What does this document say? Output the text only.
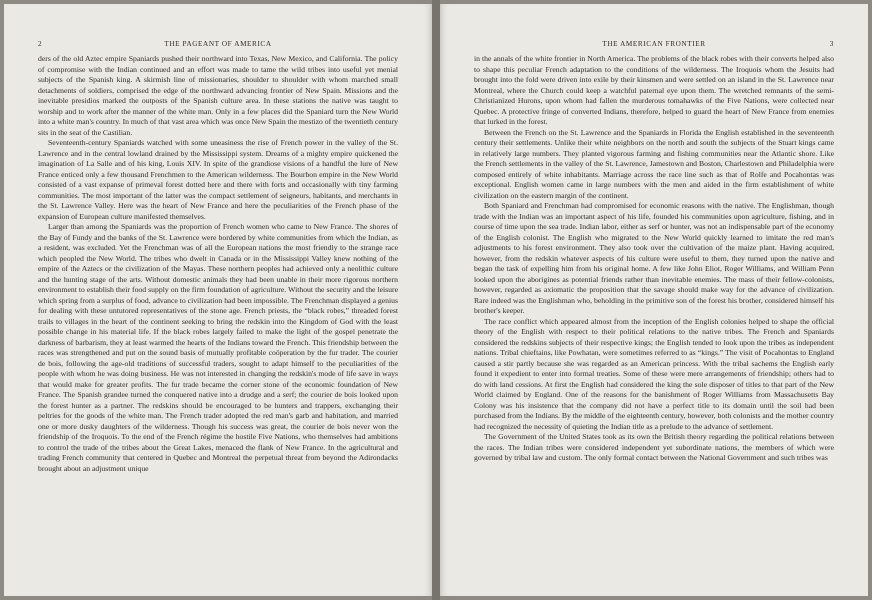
2	THE PAGEANT OF AMERICA

ders of the old Aztec empire Spaniards pushed their northward into Texas, New Mexico, and California. The policy of compromise with the Indian continued and an effort was made to tame the wild tribes into useful yet menial subjects of the Spanish king. A skirmish line of missionaries, shoulder to shoulder with whom marched small detachments of soldiers, comprised the edge of the northward advancing frontier of New Spain. Missions and the inevitable presidios marked the outposts of the Spanish culture area. In these stations the native was taught to worship and to work after the manner of the white man. Only in a few places did the Spaniard turn the New World into a white man's country. In much of that vast area which was once New Spain the mestizo of the twentieth century sits in the seat of the Castilian.

Seventeenth-century Spaniards watched with some uneasiness the rise of French power in the valley of the St. Lawrence and in the central lowland drained by the Mississippi system. Dreams of a mighty empire quickened the imagination of La Salle and of his king, Louis XIV. In spite of the grandiose visions of a handful the lure of New France enticed only a few thousand Frenchmen to the American wilderness. The Bourbon empire in the New World consisted of a vast expanse of primeval forest dotted here and there with forts and occasionally with tiny farming communities. The most important of the latter was the compact settlement of seigneurs, habitants, and merchants in the St. Lawrence Valley. Here was the heart of New France and here the peculiarities of the French phase of the expansion of European culture manifested themselves.

Larger than among the Spaniards was the proportion of French women who came to New France. The shores of the Bay of Fundy and the banks of the St. Lawrence were bordered by white communities from which the Indian, as a resident, was excluded. Yet the Frenchman was of all the European nations the most friendly to the strange race which peopled the New World. The tribes who dwelt in Canada or in the Mississippi Valley knew nothing of the empire of the Aztecs or the civilization of the Mayas. These northern peoples had achieved only a neolithic culture and the hunting stage of the arts. Without domestic animals they had been unable in their more rigorous northern environment to establish their food supply on the firm foundation of agriculture. Without the security and the leisure which spring from a surplus of food, advance to civilization had been impossible. The Frenchman displayed a genius for dealing with these untutored representatives of the stone age. French priests, the “black robes,” threaded forest trails to villages in the heart of the continent seeking to bring the redskin into the Kingdom of God with the least possible change in his material life. If the black robes largely failed to make the light of the gospel penetrate the darkness of barbarism, they at least warmed the hearts of the Indians toward the French. This friendship between the races was strengthened and put on the sound basis of mutually profitable coöperation by the fur trader. The courier de bois, following the age-old traditions of successful traders, sought to adapt himself to the peculiarities of the people with whom he was doing business. He was not interested in changing the redskin's mode of life save in ways that would make for greater profits. The fur trade became the corner stone of the economic foundation of New France. The Spanish grandee turned the conquered native into a drudge and a serf; the courier de bois looked upon the forest hunter as a partner. The redskins should be encouraged to be hunters and trappers, exchanging their peltries for the goods of the white man. The French trader adopted the red man's garb and habitation, and married one or more dusky daughters of the wilderness. Though his success was great, the courier de bois never won the friendship of the Iroquois. To the end of the French régime the hostile Five Nations, who themselves had ambitions to control the trade of the tribes about the Great Lakes, menaced the flank of New France. In the agricultural and trading French community that centered in Quebec and Montreal the perpetual threat from beyond the Adirondacks brought about an adjustment unique

THE AMERICAN FRONTIER	3

in the annals of the white frontier in North America. The problems of the black robes with their converts helped also to shape this peculiar French adaptation to the conditions of the wilderness. The Iroquois whom the Jesuits had brought into the fold were driven into exile by their kinsmen and were settled on an island in the St. Lawrence near Montreal, where the Church could keep a watchful paternal eye upon them. The wretched remnants of the semi-Christianized Hurons, upon whom had fallen the murderous tomahawks of the Five Nations, were collected near Quebec. A protective fringe of converted Indians, therefore, helped to guard the heart of New France from enemies that lurked in the forest.

Between the French on the St. Lawrence and the Spaniards in Florida the English established in the seventeenth century their settlements. Unlike their white neighbors on the north and south the subjects of the Stuart kings came in relatively large numbers. They planted vigorous farming and fishing communities near the Atlantic shore. Like the French settlements in the valley of the St. Lawrence, Jamestown and Boston, Charlestown and Philadelphia were composed entirely of white inhabitants. Marriage across the race line such as that of Rolfe and Pocahontas was exceptional. English women came in large numbers with the men and aided in the firm establishment of white civilization on the eastern margin of the continent.

Both Spaniard and Frenchman had compromised for economic reasons with the native. The Englishman, though trade with the Indian was an important aspect of his life, founded his communities upon agriculture, fishing, and in course of time upon the sea trade. Indian labor, either as serf or hunter, was not an indispensable part of the economy of the English colonist. The English who migrated to the New World quickly learned to imitate the red man's adjustments to his forest environment. They also took over the cultivation of the maize plant. Having acquired, however, from the redskin whatever aspects of his culture were useful to them, they turned upon the native and began the task of expelling him from his original home. A few like John Eliot, Roger Williams, and William Penn looked upon the aborigines as potential friends rather than inevitable enemies. The mass of their fellow-colonists, however, regarded as axiomatic the proposition that the savage should make way for the advance of civilization. Rare indeed was the Englishman who, beholding in the primitive son of the forest his brother, considered himself his brother's keeper.

The race conflict which appeared almost from the inception of the English colonies helped to shape the official theory of the English with respect to their political relations to the native tribes. The French and Spaniards considered the redskins subjects of their respective kings; the English tended to look upon the tribes as independent nations. Tribal chieftains, like Powhatan, were sometimes referred to as “kings.” The visit of Pocahontas to England caused a stir partly because she was regarded as an American princess. With the tribal sachems the English early found it expedient to enter into formal treaties. Some of these were mere arrangements of friendship; others had to do with land cessions. At first the English had considered the king the sole disposer of titles to that part of the New World claimed by England. One of the reasons for the banishment of Roger Williams from Massachusetts Bay Colony was his insistence that the company did not have a perfect title to its domain until the soil had been purchased from the Indians. By the middle of the eighteenth century, however, both colonists and the mother country had recognized the necessity of quieting the Indian title as a prelude to the advance of settlement.

The Government of the United States took as its own the British theory regarding the political relations between the races. The Indian tribes were considered independent yet subordinate nations, the members of which were governed by tribal law and custom. The only formal contact between the National Government and such tribes was
